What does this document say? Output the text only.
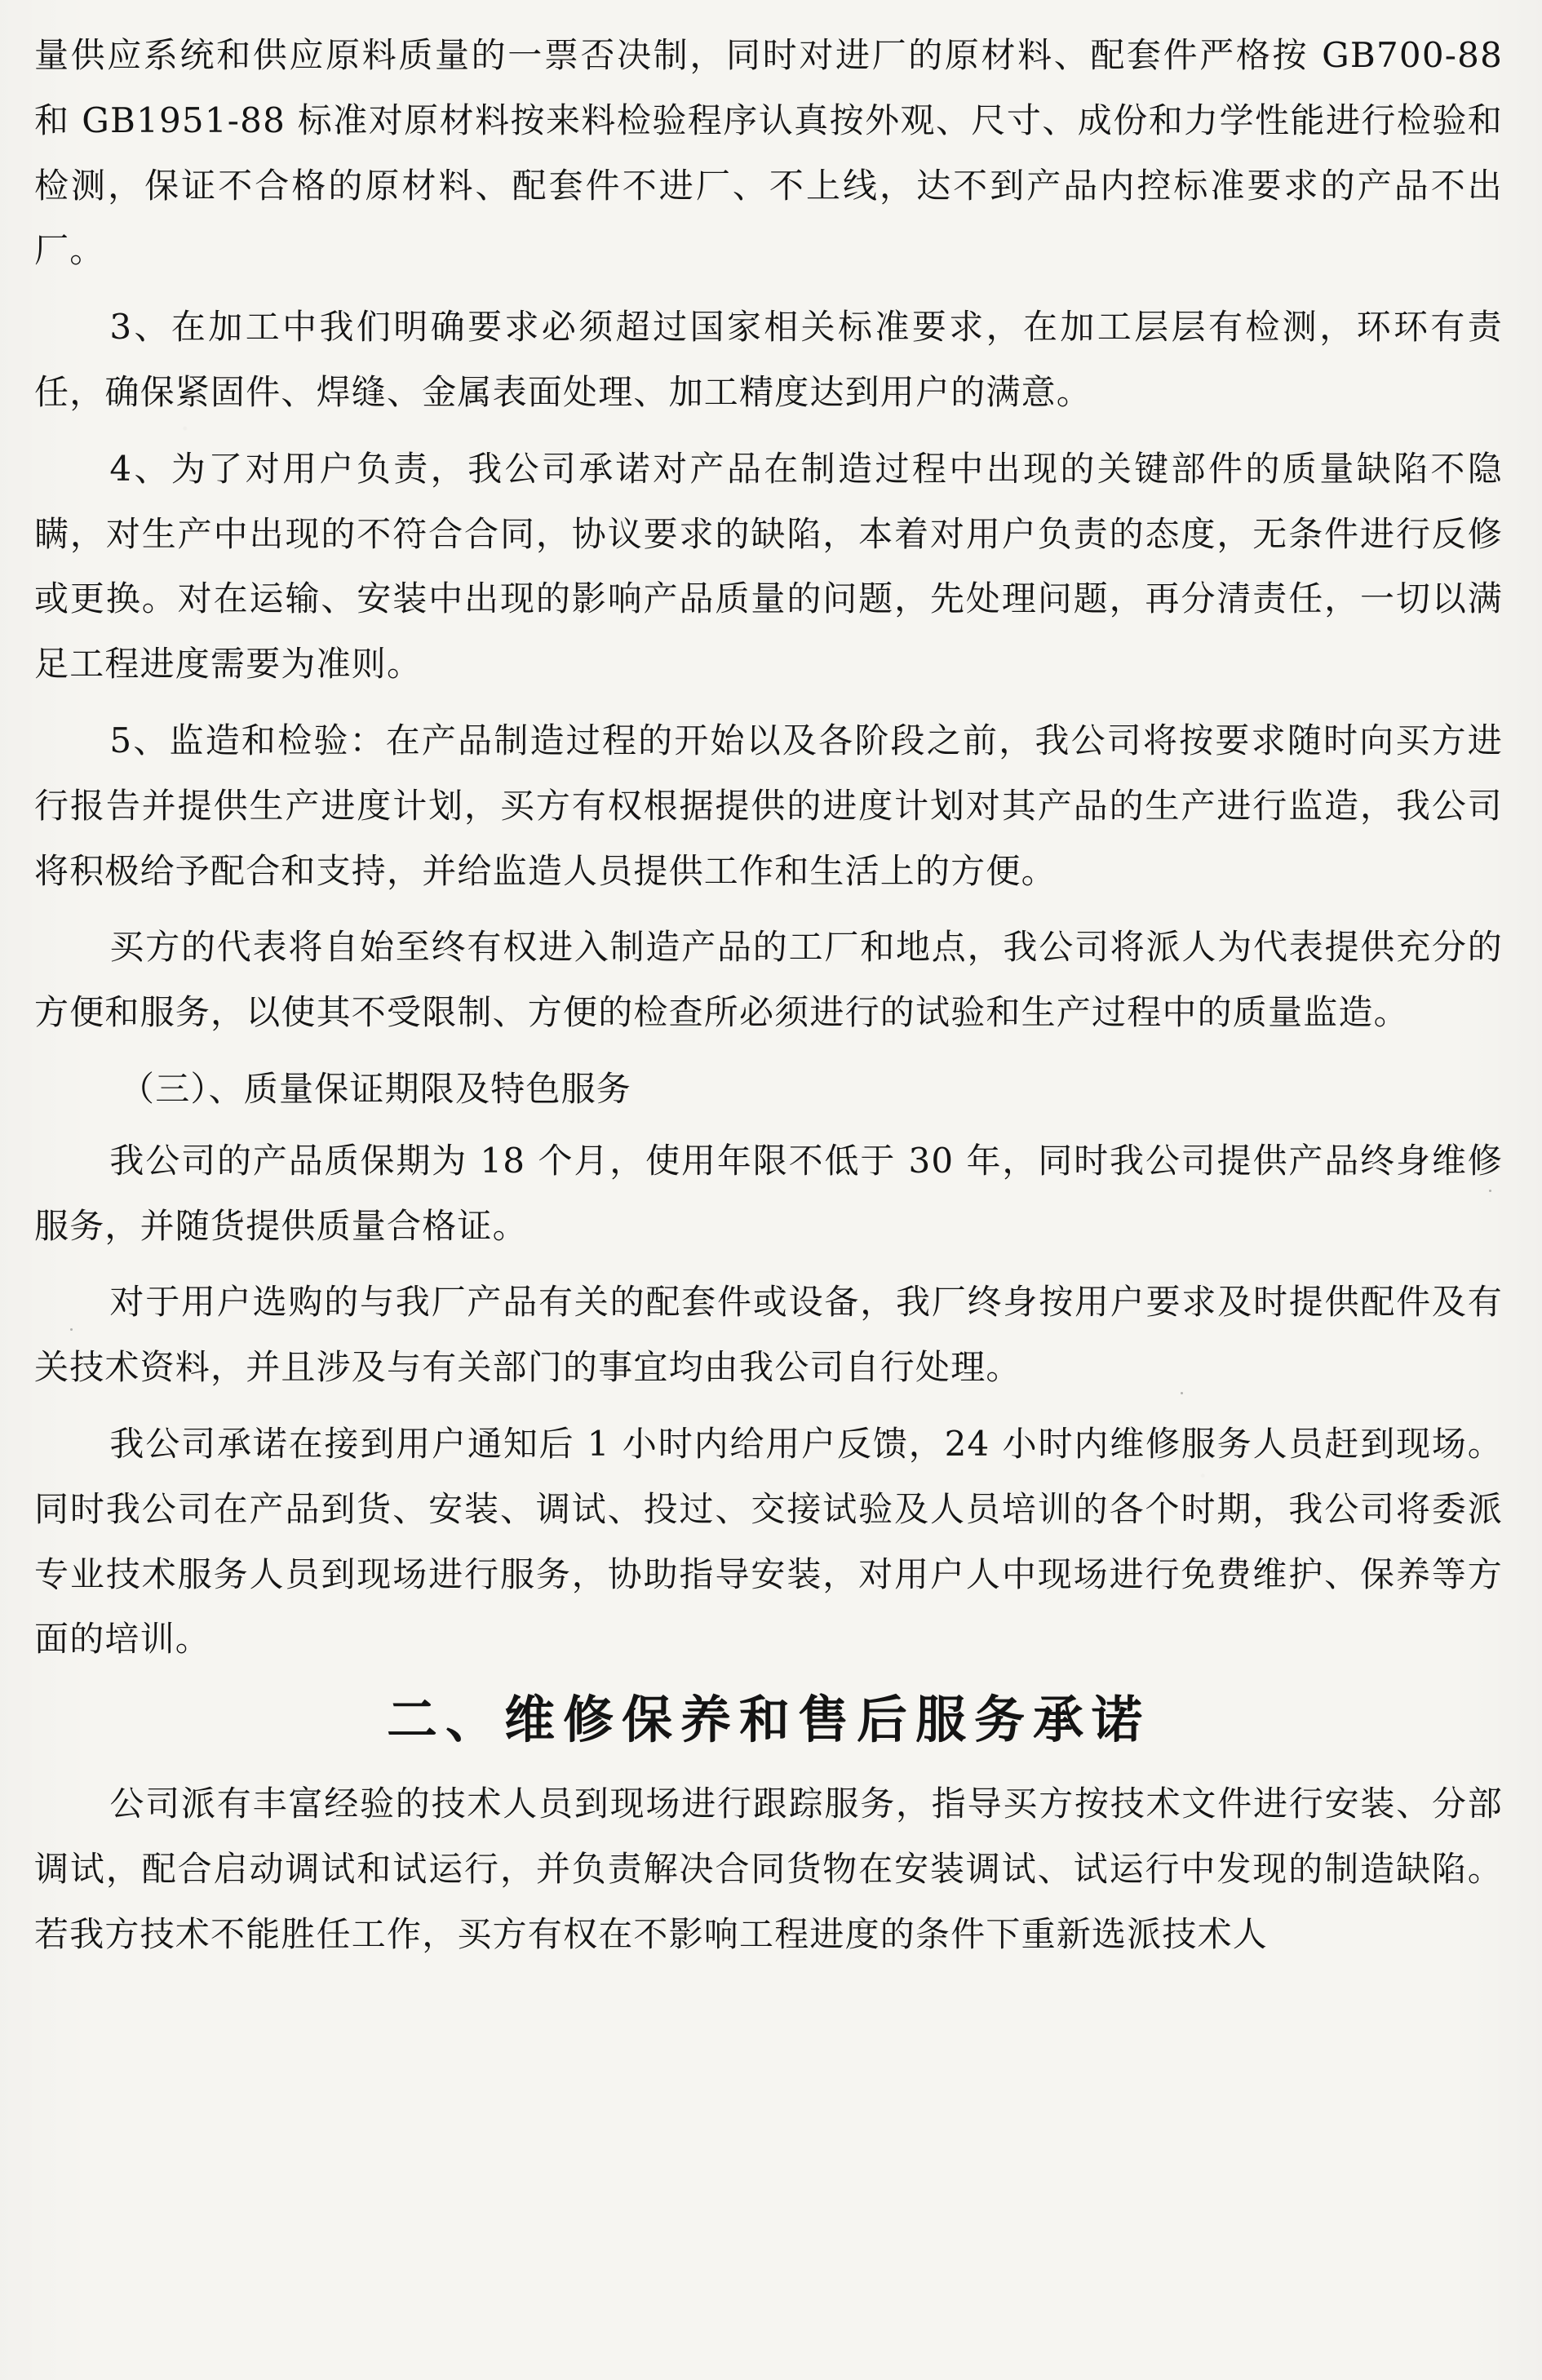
量供应系统和供应原料质量的一票否决制，同时对进厂的原材料、配套件严格按 GB700-88 和 GB1951-88 标准对原材料按来料检验程序认真按外观、尺寸、成份和力学性能进行检验和检测，保证不合格的原材料、配套件不进厂、不上线，达不到产品内控标准要求的产品不出厂。

3、在加工中我们明确要求必须超过国家相关标准要求，在加工层层有检测，环环有责任，确保紧固件、焊缝、金属表面处理、加工精度达到用户的满意。

4、为了对用户负责，我公司承诺对产品在制造过程中出现的关键部件的质量缺陷不隐瞒，对生产中出现的不符合合同，协议要求的缺陷，本着对用户负责的态度，无条件进行反修或更换。对在运输、安装中出现的影响产品质量的问题，先处理问题，再分清责任，一切以满足工程进度需要为准则。

5、监造和检验：在产品制造过程的开始以及各阶段之前，我公司将按要求随时向买方进行报告并提供生产进度计划，买方有权根据提供的进度计划对其产品的生产进行监造，我公司将积极给予配合和支持，并给监造人员提供工作和生活上的方便。

买方的代表将自始至终有权进入制造产品的工厂和地点，我公司将派人为代表提供充分的方便和服务，以使其不受限制、方便的检查所必须进行的试验和生产过程中的质量监造。

（三）、质量保证期限及特色服务

我公司的产品质保期为 18 个月，使用年限不低于 30 年，同时我公司提供产品终身维修服务，并随货提供质量合格证。

对于用户选购的与我厂产品有关的配套件或设备，我厂终身按用户要求及时提供配件及有关技术资料，并且涉及与有关部门的事宜均由我公司自行处理。

我公司承诺在接到用户通知后 1 小时内给用户反馈，24 小时内维修服务人员赶到现场。同时我公司在产品到货、安装、调试、投过、交接试验及人员培训的各个时期，我公司将委派专业技术服务人员到现场进行服务，协助指导安装，对用户人中现场进行免费维护、保养等方面的培训。

二、维修保养和售后服务承诺

公司派有丰富经验的技术人员到现场进行跟踪服务，指导买方按技术文件进行安装、分部调试，配合启动调试和试运行，并负责解决合同货物在安装调试、试运行中发现的制造缺陷。若我方技术不能胜任工作，买方有权在不影响工程进度的条件下重新选派技术人
